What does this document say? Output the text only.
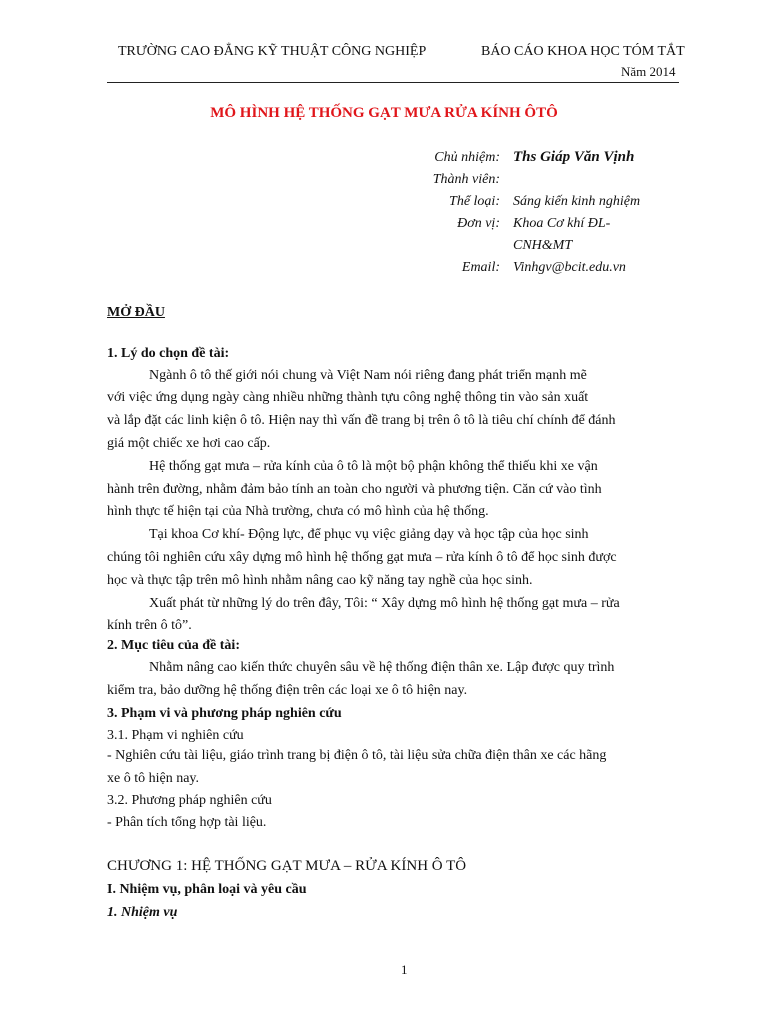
TRƯỜNG CAO ĐẲNG KỸ THUẬT CÔNG NGHIỆP	BÁO CÁO KHOA HỌC TÓM TẮT
Năm 2014
MÔ HÌNH HỆ THỐNG GẠT MƯA RỬA KÍNH ÔTÔ
Chủ nhiệm: Ths Giáp Văn Vịnh
Thành viên:
Thể loại: Sáng kiến kinh nghiệm
Đơn vị: Khoa Cơ khí ĐL-
CNH&MT
Email: Vinhgv@bcit.edu.vn
MỞ ĐẦU
1. Lý do chọn đề tài:
Ngành ô tô thế giới nói chung và Việt Nam nói riêng đang phát triển mạnh mẽ
với việc ứng dụng ngày càng nhiều những thành tựu công nghệ thông tin vào sản xuất
và lắp đặt các linh kiện ô tô. Hiện nay thì vấn đề trang bị trên ô tô là tiêu chí chính để đánh
giá một chiếc xe hơi cao cấp.
Hệ thống gạt mưa – rửa kính của ô tô là một bộ phận không thể thiếu khi xe vận
hành trên đường, nhằm đảm bảo tính an toàn cho người và phương tiện. Căn cứ vào tình
hình thực tế hiện tại của Nhà trường, chưa có mô hình của hệ thống.
Tại khoa Cơ khí- Động lực, để phục vụ việc giảng dạy và học tập của học sinh
chúng tôi nghiên cứu xây dựng mô hình hệ thống gạt mưa – rửa kính ô tô để học sinh được
học và thực tập trên mô hình nhằm nâng cao kỹ năng tay nghề của học sinh.
Xuất phát từ những lý do trên đây, Tôi: “ Xây dựng mô hình hệ thống gạt mưa – rửa
kính trên ô tô”.
2. Mục tiêu của đề tài:
Nhằm nâng cao kiến thức chuyên sâu về hệ thống điện thân xe. Lập được quy trình
kiểm tra, bảo dưỡng hệ thống điện trên các loại xe ô tô hiện nay.
3. Phạm vi và phương pháp nghiên cứu
3.1. Phạm vi nghiên cứu
- Nghiên cứu tài liệu, giáo trình trang bị điện ô tô, tài liệu sửa chữa điện thân xe các hãng
xe ô tô hiện nay.
3.2. Phương pháp nghiên cứu
- Phân tích tổng hợp tài liệu.
CHƯƠNG 1: HỆ THỐNG GẠT MƯA – RỬA KÍNH Ô TÔ
I. Nhiệm vụ, phân loại và yêu cầu
1. Nhiệm vụ
1
